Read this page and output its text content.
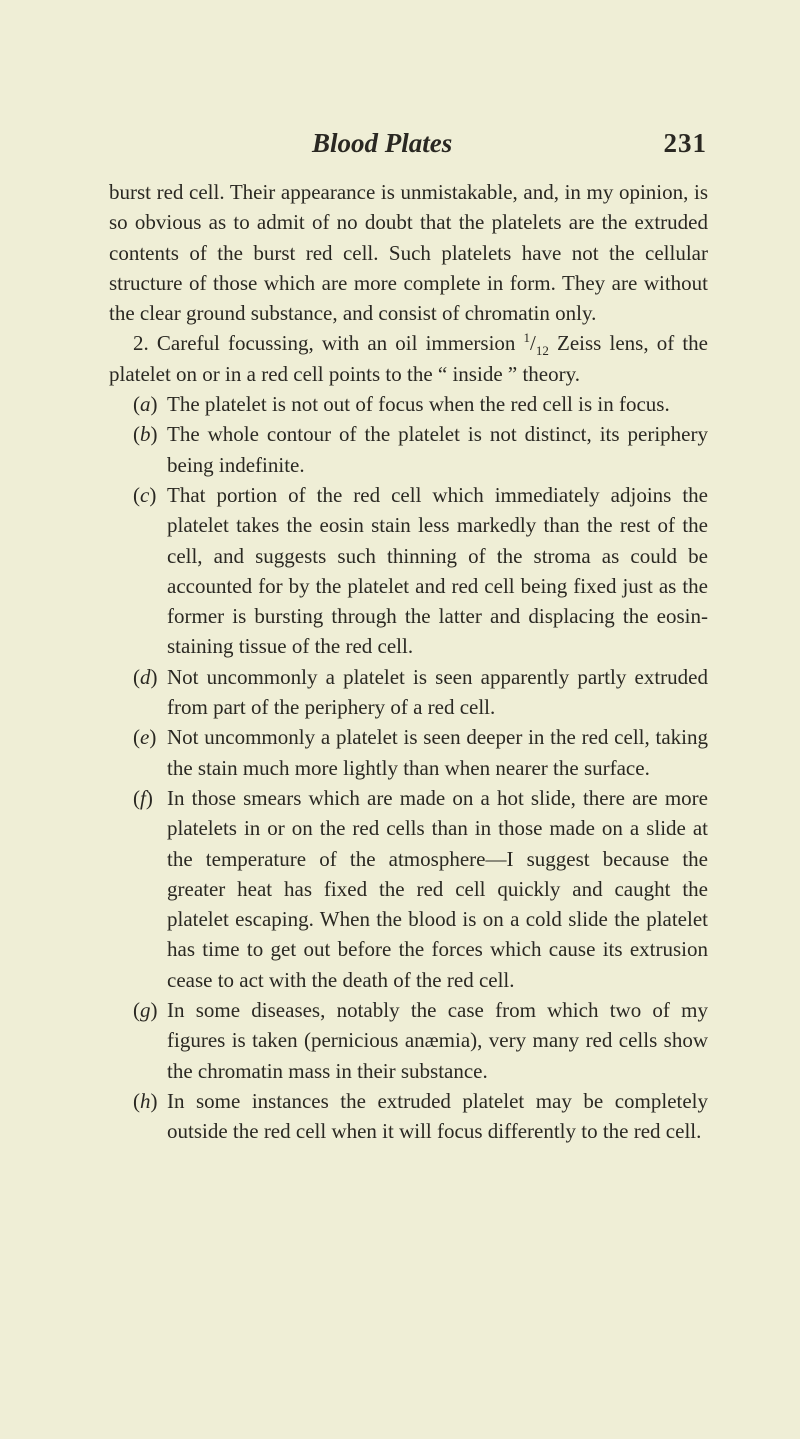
Blood Plates	231

burst red cell. Their appearance is unmistakable, and, in my opinion, is so obvious as to admit of no doubt that the platelets are the extruded contents of the burst red cell. Such platelets have not the cellular structure of those which are more complete in form. They are without the clear ground substance, and consist of chromatin only.

2. Careful focussing, with an oil immersion $^1/_{12}$ Zeiss lens, of the platelet on or in a red cell points to the “ inside ” theory.

(a) The platelet is not out of focus when the red cell is in focus.
(b) The whole contour of the platelet is not distinct, its periphery being indefinite.
(c) That portion of the red cell which immediately adjoins the platelet takes the eosin stain less markedly than the rest of the cell, and suggests such thinning of the stroma as could be accounted for by the platelet and red cell being fixed just as the former is bursting through the latter and displacing the eosin-staining tissue of the red cell.
(d) Not uncommonly a platelet is seen apparently partly extruded from part of the periphery of a red cell.
(e) Not uncommonly a platelet is seen deeper in the red cell, taking the stain much more lightly than when nearer the surface.
(f) In those smears which are made on a hot slide, there are more platelets in or on the red cells than in those made on a slide at the temperature of the atmosphere—I suggest because the greater heat has fixed the red cell quickly and caught the platelet escaping. When the blood is on a cold slide the platelet has time to get out before the forces which cause its extrusion cease to act with the death of the red cell.
(g) In some diseases, notably the case from which two of my figures is taken (pernicious anæmia), very many red cells show the chromatin mass in their substance.
(h) In some instances the extruded platelet may be completely outside the red cell when it will focus differently to the red cell.
